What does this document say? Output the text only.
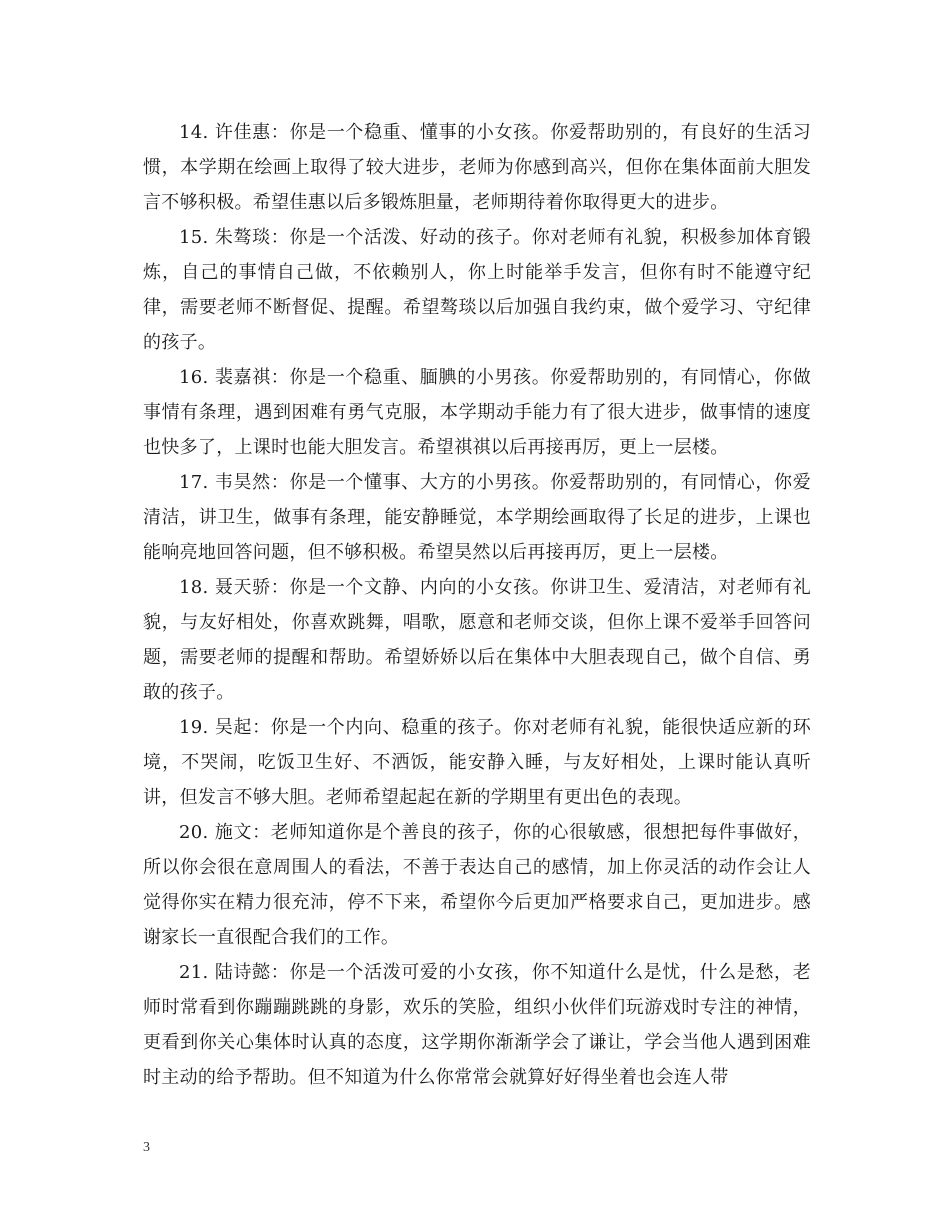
14. 许佳惠：你是一个稳重、懂事的小女孩。你爱帮助别的，有良好的生活习惯，本学期在绘画上取得了较大进步，老师为你感到高兴，但你在集体面前大胆发言不够积极。希望佳惠以后多锻炼胆量，老师期待着你取得更大的进步。

15. 朱骜琰：你是一个活泼、好动的孩子。你对老师有礼貌，积极参加体育锻炼，自己的事情自己做，不依赖别人，你上时能举手发言，但你有时不能遵守纪律，需要老师不断督促、提醒。希望骜琰以后加强自我约束，做个爱学习、守纪律的孩子。

16. 裴嘉祺：你是一个稳重、腼腆的小男孩。你爱帮助别的，有同情心，你做事情有条理，遇到困难有勇气克服，本学期动手能力有了很大进步，做事情的速度也快多了，上课时也能大胆发言。希望祺祺以后再接再厉，更上一层楼。

17. 韦昊然：你是一个懂事、大方的小男孩。你爱帮助别的，有同情心，你爱清洁，讲卫生，做事有条理，能安静睡觉，本学期绘画取得了长足的进步，上课也能响亮地回答问题，但不够积极。希望昊然以后再接再厉，更上一层楼。

18. 聂天骄：你是一个文静、内向的小女孩。你讲卫生、爱清洁，对老师有礼貌，与友好相处，你喜欢跳舞，唱歌，愿意和老师交谈，但你上课不爱举手回答问题，需要老师的提醒和帮助。希望娇娇以后在集体中大胆表现自己，做个自信、勇敢的孩子。

19. 吴起：你是一个内向、稳重的孩子。你对老师有礼貌，能很快适应新的环境，不哭闹，吃饭卫生好、不洒饭，能安静入睡，与友好相处，上课时能认真听讲，但发言不够大胆。老师希望起起在新的学期里有更出色的表现。

20. 施文：老师知道你是个善良的孩子，你的心很敏感，很想把每件事做好，所以你会很在意周围人的看法，不善于表达自己的感情，加上你灵活的动作会让人觉得你实在精力很充沛，停不下来，希望你今后更加严格要求自己，更加进步。感谢家长一直很配合我们的工作。

21. 陆诗懿：你是一个活泼可爱的小女孩，你不知道什么是忧，什么是愁，老师时常看到你蹦蹦跳跳的身影，欢乐的笑脸，组织小伙伴们玩游戏时专注的神情，更看到你关心集体时认真的态度，这学期你渐渐学会了谦让，学会当他人遇到困难时主动的给予帮助。但不知道为什么你常常会就算好好得坐着也会连人带

3
